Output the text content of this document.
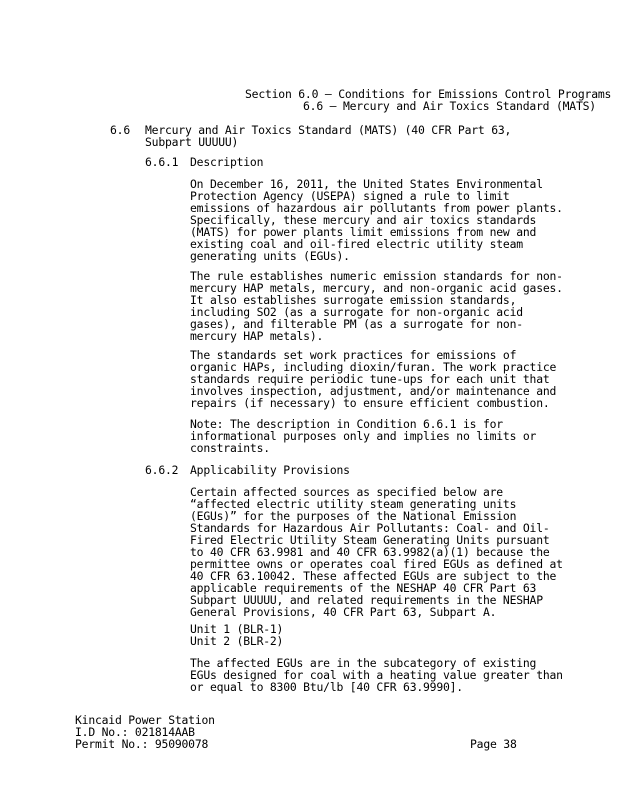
Section 6.0 – Conditions for Emissions Control Programs
6.6 – Mercury and Air Toxics Standard (MATS)
6.6 Mercury and Air Toxics Standard (MATS) (40 CFR Part 63, Subpart UUUUU)
6.6.1 Description
On December 16, 2011, the United States Environmental Protection Agency (USEPA) signed a rule to limit emissions of hazardous air pollutants from power plants. Specifically, these mercury and air toxics standards (MATS) for power plants limit emissions from new and existing coal and oil-fired electric utility steam generating units (EGUs).
The rule establishes numeric emission standards for non-mercury HAP metals, mercury, and non-organic acid gases. It also establishes surrogate emission standards, including SO2 (as a surrogate for non-organic acid gases), and filterable PM (as a surrogate for non-mercury HAP metals).
The standards set work practices for emissions of organic HAPs, including dioxin/furan. The work practice standards require periodic tune-ups for each unit that involves inspection, adjustment, and/or maintenance and repairs (if necessary) to ensure efficient combustion.
Note: The description in Condition 6.6.1 is for informational purposes only and implies no limits or constraints.
6.6.2 Applicability Provisions
Certain affected sources as specified below are “affected electric utility steam generating units (EGUs)” for the purposes of the National Emission Standards for Hazardous Air Pollutants: Coal- and Oil-Fired Electric Utility Steam Generating Units pursuant to 40 CFR 63.9981 and 40 CFR 63.9982(a)(1) because the permittee owns or operates coal fired EGUs as defined at 40 CFR 63.10042. These affected EGUs are subject to the applicable requirements of the NESHAP 40 CFR Part 63 Subpart UUUUU, and related requirements in the NESHAP General Provisions, 40 CFR Part 63, Subpart A.
Unit 1 (BLR-1)
Unit 2 (BLR-2)
The affected EGUs are in the subcategory of existing EGUs designed for coal with a heating value greater than or equal to 8300 Btu/lb [40 CFR 63.9990].
Kincaid Power Station
I.D No.: 021814AAB
Permit No.: 95090078	Page 38
